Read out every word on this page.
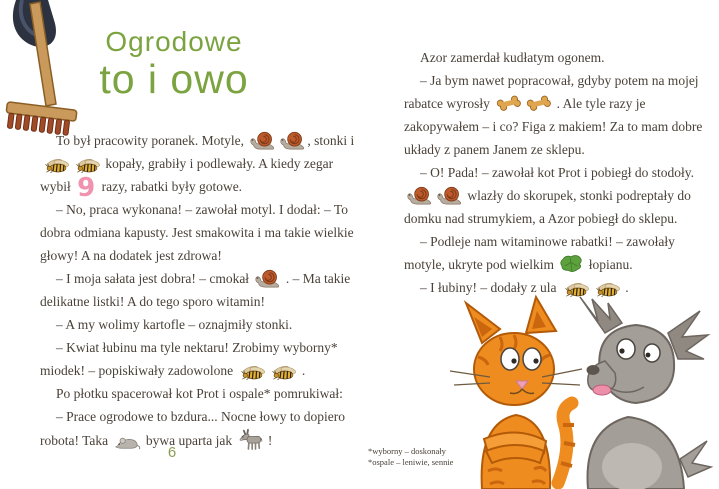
Ogrodowe
to i owo

To był pracowity poranek. Motyle,	, stonki i  kopały, grabiły i podlewały. A kiedy zegar wybił 9 razy, rabatki były gotowe.

– No, praca wykonana! – zawołał motyl. I dodał: – To dobra odmiana kapusty. Jest smakowita i ma takie wielkie głowy! A na dodatek jest zdrowa!

– I moja sałata jest dobra! – cmokał  . – Ma takie delikatne listki! A do tego sporo witamin!

– A my wolimy kartofle – oznajmiły stonki.

– Kwiat łubinu ma tyle nektaru! Zrobimy wyborny* miodek! – popiskiwały zadowolone	.

Po płotku spacerował kot Prot i ospale* pomrukiwał:

– Prace ogrodowe to bzdura... Nocne łowy to dopiero robota! Taka  bywa uparta jak  !

6

Azor zamerdał kudłatym ogonem.

– Ja bym nawet popracował, gdyby potem na mojej rabatce wyrosły	. Ale tyle razy je zakopywałem – i co? Figa z makiem! Za to mam dobre układy z panem Janem ze sklepu.

– O! Pada! – zawołał kot Prot i pobiegł do stodoły.

wlazły do skorupek, stonki podreptały do domku nad strumykiem, a Azor pobiegł do sklepu.

– Podleje nam witaminowe rabatki! – zawołały motyle, ukryte pod wielkim  łopianu.

– I łubiny! – dodały z ula	.

*wyborny – doskonały
*ospale – leniwie, sennie
